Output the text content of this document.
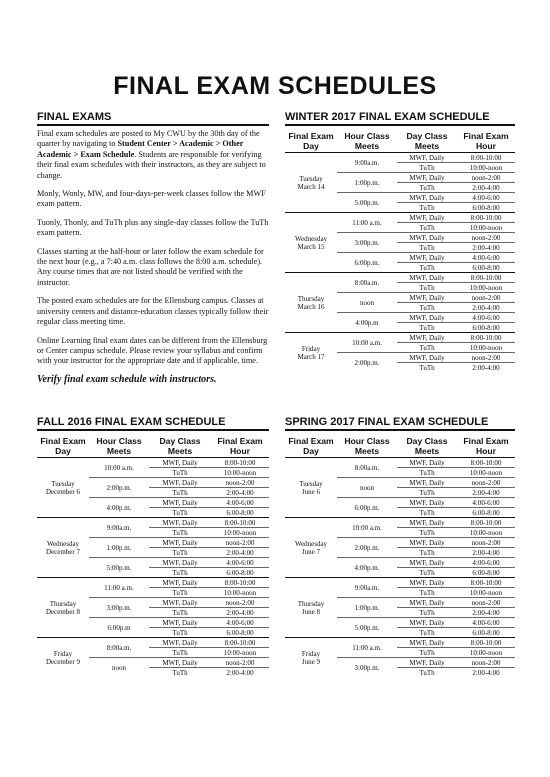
FINAL EXAM SCHEDULES
FINAL EXAMS

Final exam schedules are posted to My CWU by the 30th day of the quarter by navigating to Student Center > Academic > Other Academic > Exam Schedule. Students are responsible for verifying their final exam schedules with their instructors, as they are subject to change.

Monly, Wonly, MW, and four-days-per-week classes follow the MWF exam pattern.

Tuonly, Thonly, and TuTh plus any single-day classes follow the TuTh exam pattern.

Classes starting at the half-hour or later follow the exam schedule for the next hour (e.g., a 7:40 a.m. class follows the 8:00 a.m. schedule). Any course times that are not listed should be verified with the instructor.

The posted exam schedules are for the Ellensburg campus. Classes at university centers and distance-education classes typically follow their regular class meeting time.

Online Learning final exam dates can be different from the Ellensburg or Center campus schedule. Please review your syllabus and confirm with your instructor for the appropriate date and if applicable, time.

Verify final exam schedule with instructors.

WINTER 2017 FINAL EXAM SCHEDULE
Final Exam Day	Hour Class Meets	Day Class Meets	Final Exam Hour

Tuesday
March 14	9:00a.m.	MWF, Daily	8:00-10:00
		TuTh	10:00-noon
	1:00p.m.	MWF, Daily	noon-2:00
		TuTh	2:00-4:00
	5:00p.m.	MWF, Daily	4:00-6:00
		TuTh	6:00-8:00

Wednesday
March 15	11:00 a.m.	MWF, Daily	8:00-10:00
		TuTh	10:00-noon
	3:00p.m.	MWF, Daily	noon-2:00
		TuTh	2:00-4:00
	6:00p.m.	MWF, Daily	4:00-6:00
		TuTh	6:00-8:00

Thursday
March 16	8:00a.m.	MWF, Daily	8:00-10:00
		TuTh	10:00-noon
	noon	MWF, Daily	noon-2:00
		TuTh	2:00-4:00
	4:00p.m	MWF, Daily	4:00-6:00
		TuTh	6:00-8:00

Friday
March 17	10:00 a.m.	MWF, Daily	8:00-10:00
		TuTh	10:00-noon
	2:00p.m.	MWF, Daily	noon-2:00
		TuTh	2:00-4:00
FALL 2016 FINAL EXAM SCHEDULE
Final Exam Day	Hour Class Meets	Day Class Meets	Final Exam Hour

Tuesday
December 6	10:00 a.m.	MWF, Daily	8:00-10:00
		TuTh	10:00-noon
	2:00p.m.	MWF, Daily	noon-2:00
		TuTh	2:00-4:00
	4:00p.m.	MWF, Daily	4:00-6:00
		TuTh	6:00-8:00

Wednesday
December 7	9:00a.m.	MWF, Daily	8:00-10:00
		TuTh	10:00-noon
	1:00p.m.	MWF, Daily	noon-2:00
		TuTh	2:00-4:00
	5:00p.m.	MWF, Daily	4:00-6:00
		TuTh	6:00-8:00

Thursday
December 8	11:00 a.m.	MWF, Daily	8:00-10:00
		TuTh	10:00-noon
	3:00p.m.	MWF, Daily	noon-2:00
		TuTh	2:00-4:00
	6:00p.m	MWF, Daily	4:00-6:00
		TuTh	6:00-8:00

Friday
December 9	8:00a.m.	MWF, Daily	8:00-10:00
		TuTh	10:00-noon
	noon	MWF, Daily	noon-2:00
		TuTh	2:00-4:00
SPRING 2017 FINAL EXAM SCHEDULE
Final Exam Day	Hour Class Meets	Day Class Meets	Final Exam Hour

Tuesday
June 6	8:00a.m.	MWF, Daily	8:00-10:00
		TuTh	10:00-noon
	noon	MWF, Daily	noon-2:00
		TuTh	2:00-4:00
	6:00p.m.	MWF, Daily	4:00-6:00
		TuTh	6:00-8:00

Wednesday
June 7	10:00 a.m.	MWF, Daily	8:00-10:00
		TuTh	10:00-noon
	2:00p.m.	MWF, Daily	noon-2:00
		TuTh	2:00-4:00
	4:00p.m.	MWF, Daily	4:00-6:00
		TuTh	6:00-8:00

Thursday
June 8	9:00a.m.	MWF, Daily	8:00-10:00
		TuTh	10:00-noon
	1:00p.m.	MWF, Daily	noon-2:00
		TuTh	2:00-4:00
	5:00p.m.	MWF, Daily	4:00-6:00
		TuTh	6:00-8:00

Friday
June 9	11:00 a.m.	MWF, Daily	8:00-10:00
		TuTh	10:00-noon
	3:00p.m.	MWF, Daily	noon-2:00
		TuTh	2:00-4:00
